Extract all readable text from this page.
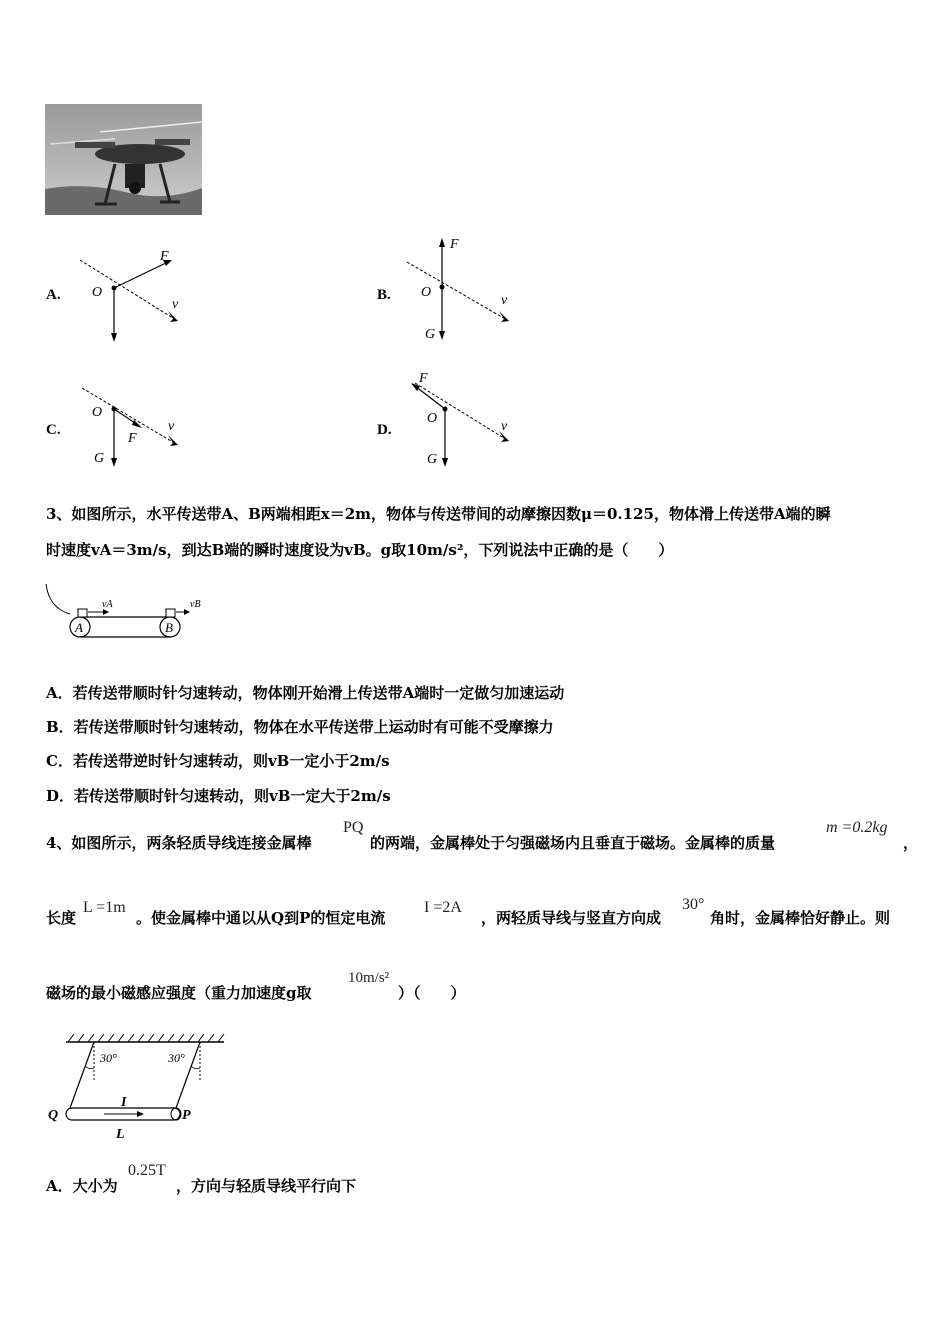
A. O
F
v
B.
F
O
v
G
C.
O
F
v
G
D.
F
O
v
G
3、如图所示，水平传送带A、B两端相距x＝2m，物体与传送带间的动摩擦因数μ＝0.125，物体滑上传送带A端的瞬
时速度vA＝3m/s，到达B端的瞬时速度设为vB。g取10m/s²，下列说法中正确的是（　　）
A	B
vA	vB
A．若传送带顺时针匀速转动，物体刚开始滑上传送带A端时一定做匀加速运动
B．若传送带顺时针匀速转动，物体在水平传送带上运动时有可能不受摩擦力
C．若传送带逆时针匀速转动，则vB一定小于2m/s
D．若传送带顺时针匀速转动，则vB一定大于2m/s
4、如图所示，两条轻质导线连接金属棒
PQ
的两端，金属棒处于匀强磁场内且垂直于磁场。金属棒的质量
m =0.2kg
，
长度
L =1m
。使金属棒中通以从Q到P的恒定电流
I =2A
，两轻质导线与竖直方向成
30°
角时，金属棒恰好静止。则
磁场的最小磁感应强度（重力加速度g取
10m/s²
）（　　）
30°	30°
Q	P
I
L
A．大小为
0.25T
，方向与轻质导线平行向下
